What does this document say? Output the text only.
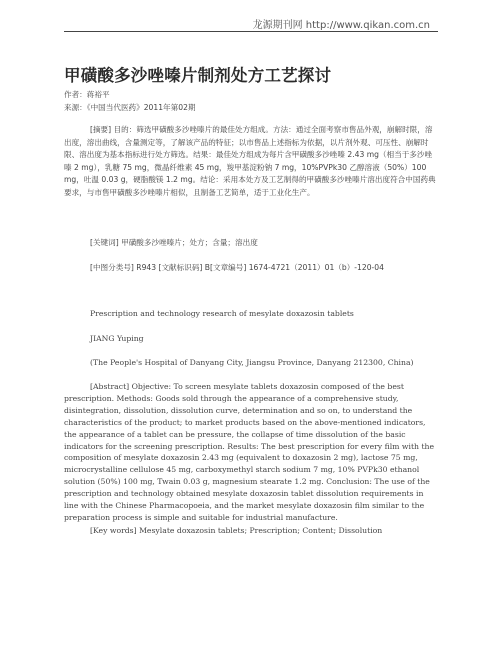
龙源期刊网 http://www.qikan.com.cn
甲磺酸多沙唑嗪片制剂处方工艺探讨
作者：蒋裕平
来源：《中国当代医药》2011年第02期

[摘要] 目的：筛选甲磺酸多沙唑嗪片的最佳处方组成。方法：通过全面考察市售品外观，崩解时限，溶出度，溶出曲线，含量测定等，了解该产品的特征；以市售品上述指标为依据，以片剂外观、可压性、崩解时限、溶出度为基本指标进行处方筛选。结果：最佳处方组成为每片含甲磺酸多沙唑嗪 2.43 mg（相当于多沙唑嗪 2 mg），乳糖 75 mg，微晶纤维素 45 mg，羧甲基淀粉钠 7 mg，10%PVPk30 乙醇溶液（50%）100 mg，吐温 0.03 g，硬脂酸镁 1.2 mg。结论：采用本处方及工艺制得的甲磺酸多沙唑嗪片溶出度符合中国药典要求，与市售甲磺酸多沙唑嗪片相似，且制备工艺简单，适于工业化生产。

[关键词] 甲磺酸多沙唑嗪片；处方；含量；溶出度

[中图分类号] R943 [文献标识码] B[文章编号] 1674-4721（2011）01（b）-120-04

Prescription and technology research of mesylate doxazosin tablets

JIANG Yuping

(The People's Hospital of Danyang City, Jiangsu Province, Danyang 212300, China)

[Abstract] Objective: To screen mesylate tablets doxazosin composed of the best prescription. Methods: Goods sold through the appearance of a comprehensive study, disintegration, dissolution, dissolution curve, determination and so on, to understand the characteristics of the product; to market products based on the above-mentioned indicators, the appearance of a tablet can be pressure, the collapse of time dissolution of the basic indicators for the screening prescription. Results: The best prescription for every film with the composition of mesylate doxazosin 2.43 mg (equivalent to doxazosin 2 mg), lactose 75 mg, microcrystalline cellulose 45 mg, carboxymethyl starch sodium 7 mg, 10% PVPk30 ethanol solution (50%) 100 mg, Twain 0.03 g, magnesium stearate 1.2 mg. Conclusion: The use of the prescription and technology obtained mesylate doxazosin tablet dissolution requirements in line with the Chinese Pharmacopoeia, and the market mesylate doxazosin film similar to the preparation process is simple and suitable for industrial manufacture.

[Key words] Mesylate doxazosin tablets; Prescription; Content; Dissolution
